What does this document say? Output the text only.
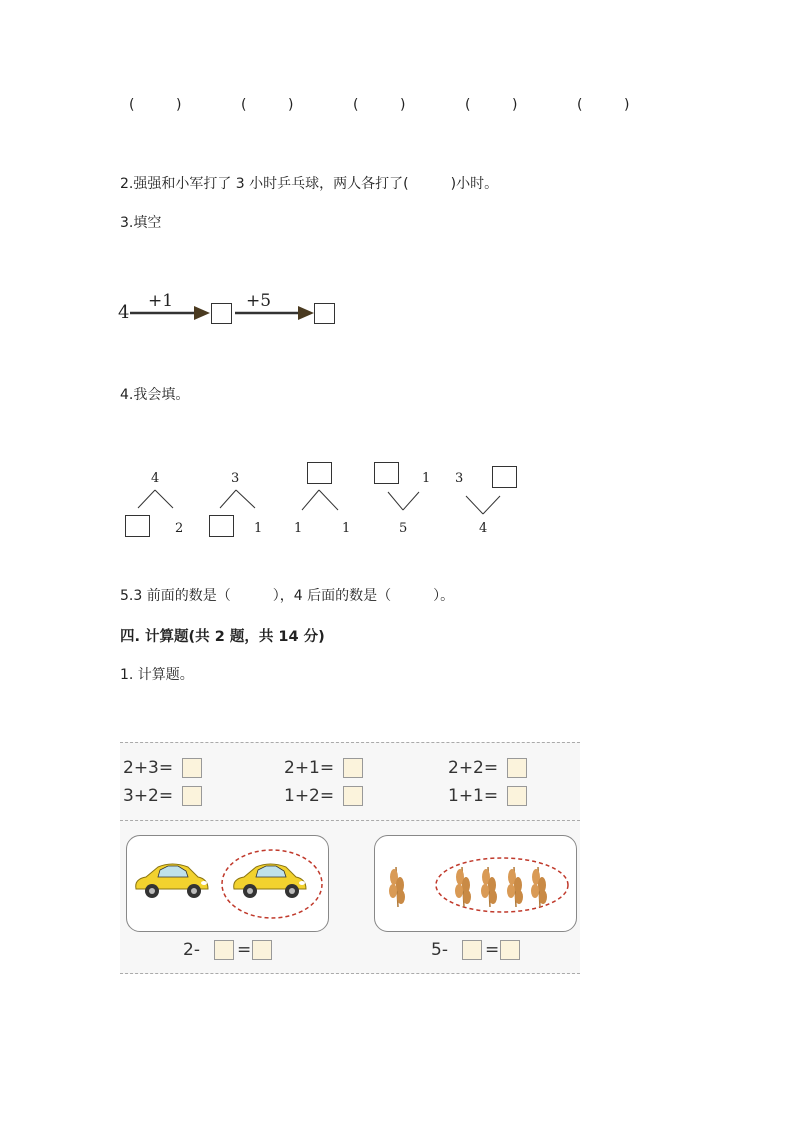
(	)	(	)	(	)	(	)	(	)
2.强强和小军打了 3 小时乒乓球，两人各打了(　　　)小时。
3.填空
4
+1	+5
4.我会填。
4
2
3
1 1	1
1
5
3
4
5.3 前面的数是（　　　），4 后面的数是（　　　）。
四. 计算题(共 2 题，共 14 分)
1. 计算题。
2+3=	2+1=	2+2=
3+2=	1+2=	1+1=
2- =	5- =
